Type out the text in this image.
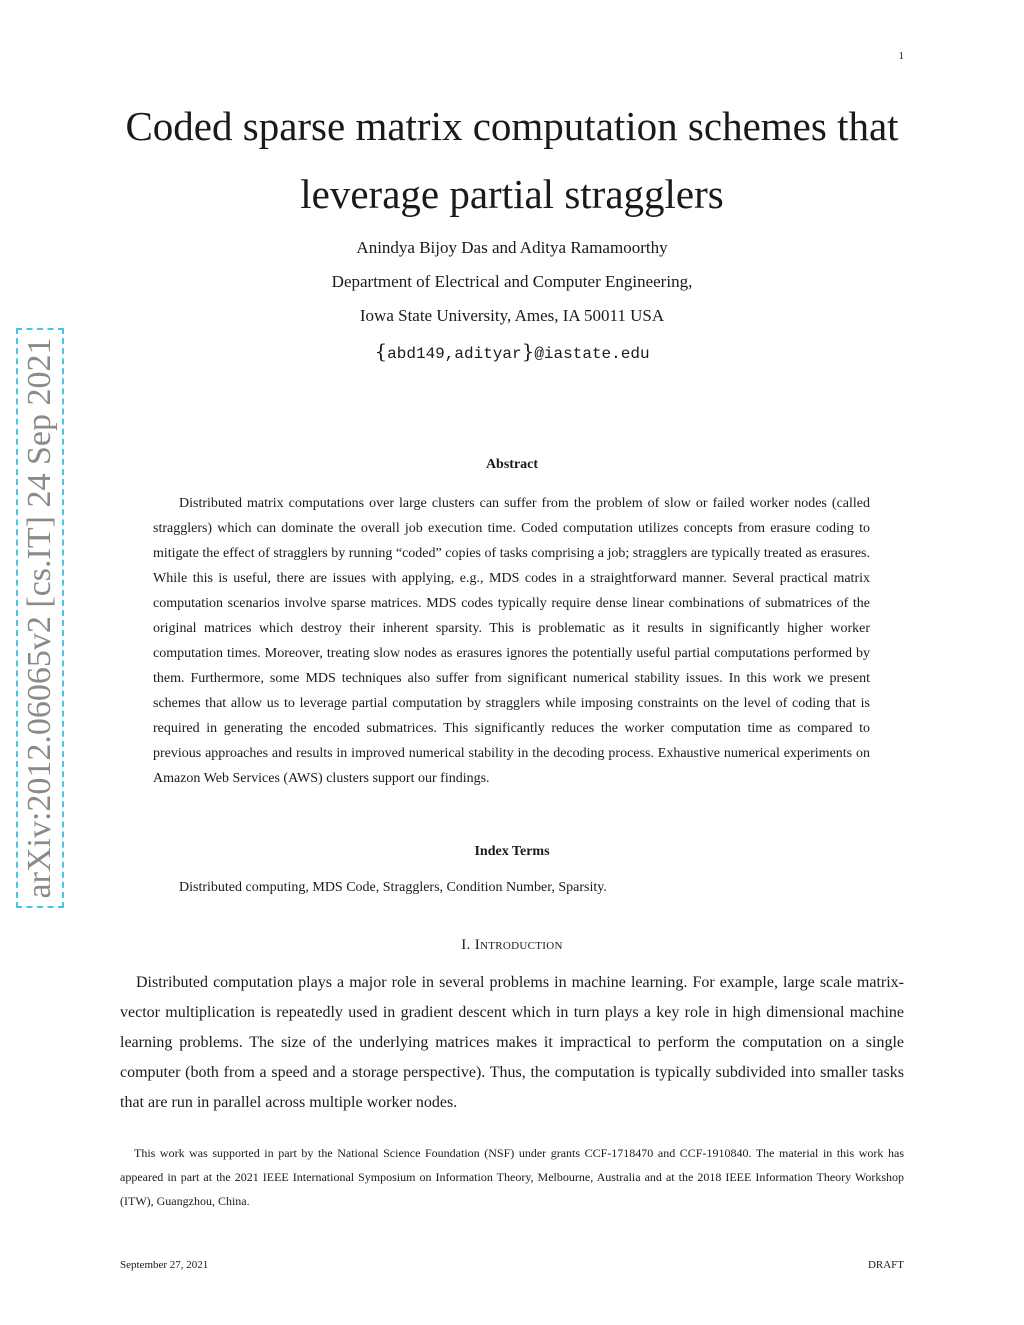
1
Coded sparse matrix computation schemes that leverage partial stragglers
Anindya Bijoy Das and Aditya Ramamoorthy
Department of Electrical and Computer Engineering,
Iowa State University, Ames, IA 50011 USA
{abd149,adityar}@iastate.edu
Abstract

Distributed matrix computations over large clusters can suffer from the problem of slow or failed worker nodes (called stragglers) which can dominate the overall job execution time. Coded computation utilizes concepts from erasure coding to mitigate the effect of stragglers by running “coded” copies of tasks comprising a job; stragglers are typically treated as erasures. While this is useful, there are issues with applying, e.g., MDS codes in a straightforward manner. Several practical matrix computation scenarios involve sparse matrices. MDS codes typically require dense linear combinations of submatrices of the original matrices which destroy their inherent sparsity. This is problematic as it results in significantly higher worker computation times. Moreover, treating slow nodes as erasures ignores the potentially useful partial computations performed by them. Furthermore, some MDS techniques also suffer from significant numerical stability issues. In this work we present schemes that allow us to leverage partial computation by stragglers while imposing constraints on the level of coding that is required in generating the encoded submatrices. This significantly reduces the worker computation time as compared to previous approaches and results in improved numerical stability in the decoding process. Exhaustive numerical experiments on Amazon Web Services (AWS) clusters support our findings.

Index Terms
Distributed computing, MDS Code, Stragglers, Condition Number, Sparsity.
I. Introduction

Distributed computation plays a major role in several problems in machine learning. For example, large scale matrix-vector multiplication is repeatedly used in gradient descent which in turn plays a key role in high dimensional machine learning problems. The size of the underlying matrices makes it impractical to perform the computation on a single computer (both from a speed and a storage perspective). Thus, the computation is typically subdivided into smaller tasks that are run in parallel across multiple worker nodes.

This work was supported in part by the National Science Foundation (NSF) under grants CCF-1718470 and CCF-1910840. The material in this work has appeared in part at the 2021 IEEE International Symposium on Information Theory, Melbourne, Australia and at the 2018 IEEE Information Theory Workshop (ITW), Guangzhou, China.

September 27, 2021	DRAFT
arXiv:2012.06065v2 [cs.IT] 24 Sep 2021
